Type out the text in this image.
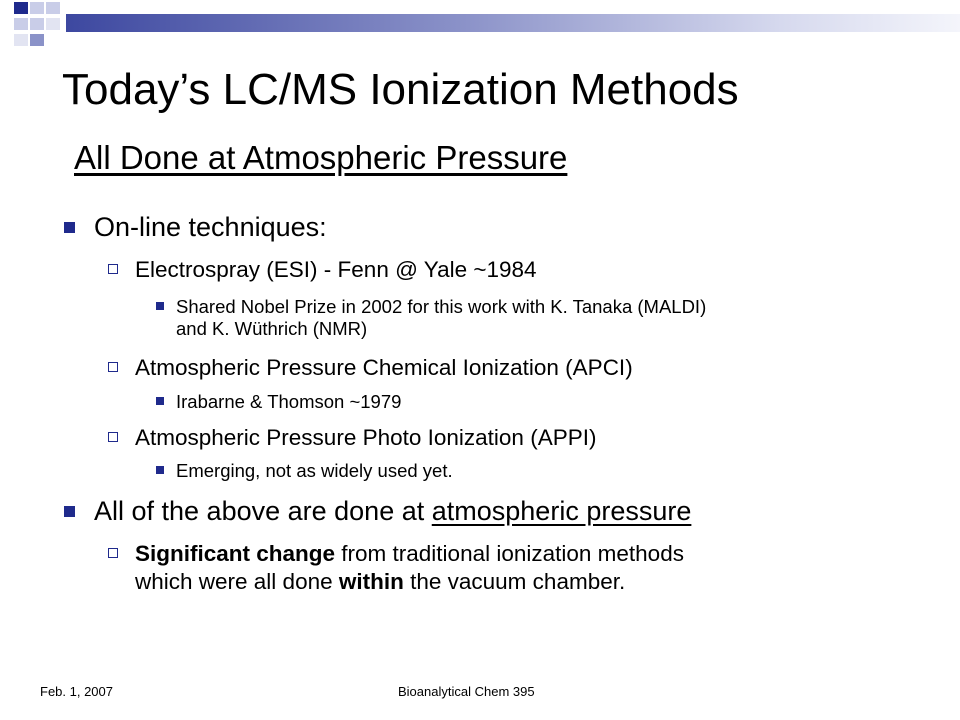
Today’s LC/MS Ionization Methods
All Done at Atmospheric Pressure
On-line techniques:
Electrospray (ESI) - Fenn @ Yale ~1984
Shared Nobel Prize in 2002 for this work with K. Tanaka (MALDI)
and K. Wüthrich (NMR)
Atmospheric Pressure Chemical Ionization (APCI)
Irabarne & Thomson ~1979
Atmospheric Pressure Photo Ionization (APPI)
Emerging, not as widely used yet.
All of the above are done at atmospheric pressure
Significant change from traditional ionization methods
which were all done within the vacuum chamber.
Feb. 1, 2007	Bioanalytical Chem 395
